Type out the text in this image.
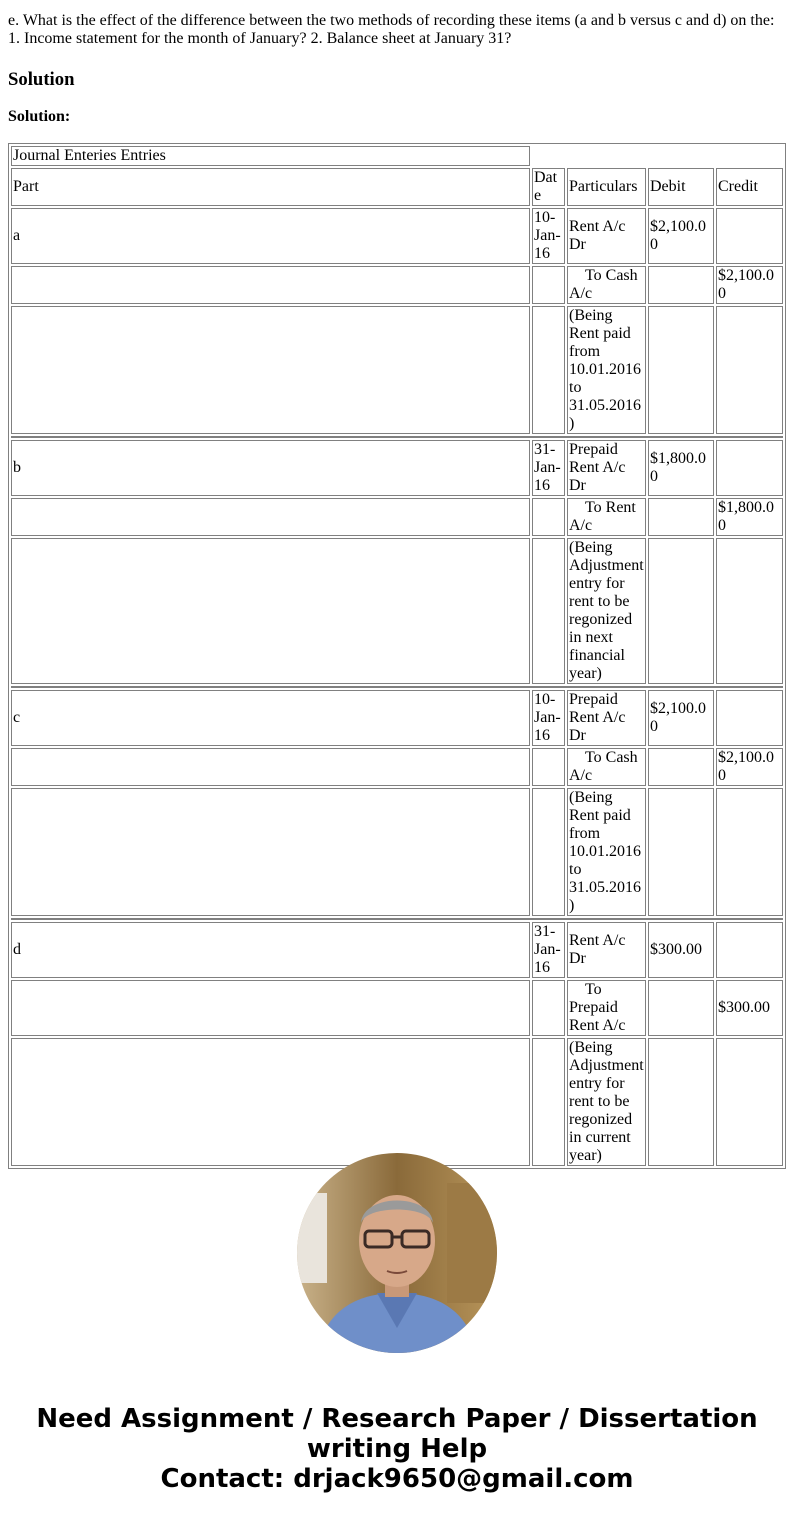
e. What is the effect of the difference between the two methods of recording these items (a and b versus c and d) on the: 1. Income statement for the month of January? 2. Balance sheet at January 31?
Solution
Solution:
Journal Enteries Entries				
Part	Date	Particulars	Debit	Credit
a	10-Jan-16	Rent A/c Dr	$2,100.00	
		To Cash A/c		$2,100.00
		(Being Rent paid from 10.01.2016 to 31.05.2016)		

b	31-Jan-16	Prepaid Rent A/c Dr	$1,800.00	
		To Rent A/c		$1,800.00
		(Being Adjustment entry for rent to be regonized in next financial year)		

c	10-Jan-16	Prepaid Rent A/c Dr	$2,100.00	
		To Cash A/c		$2,100.00
		(Being Rent paid from 10.01.2016 to 31.05.2016)		

d	31-Jan-16	Rent A/c Dr	$300.00	
		To Prepaid Rent A/c		$300.00
		(Being Adjustment entry for rent to be regonized in current year)		
Need Assignment / Research Paper / Dissertation writing Help
Contact: drjack9650@gmail.com
